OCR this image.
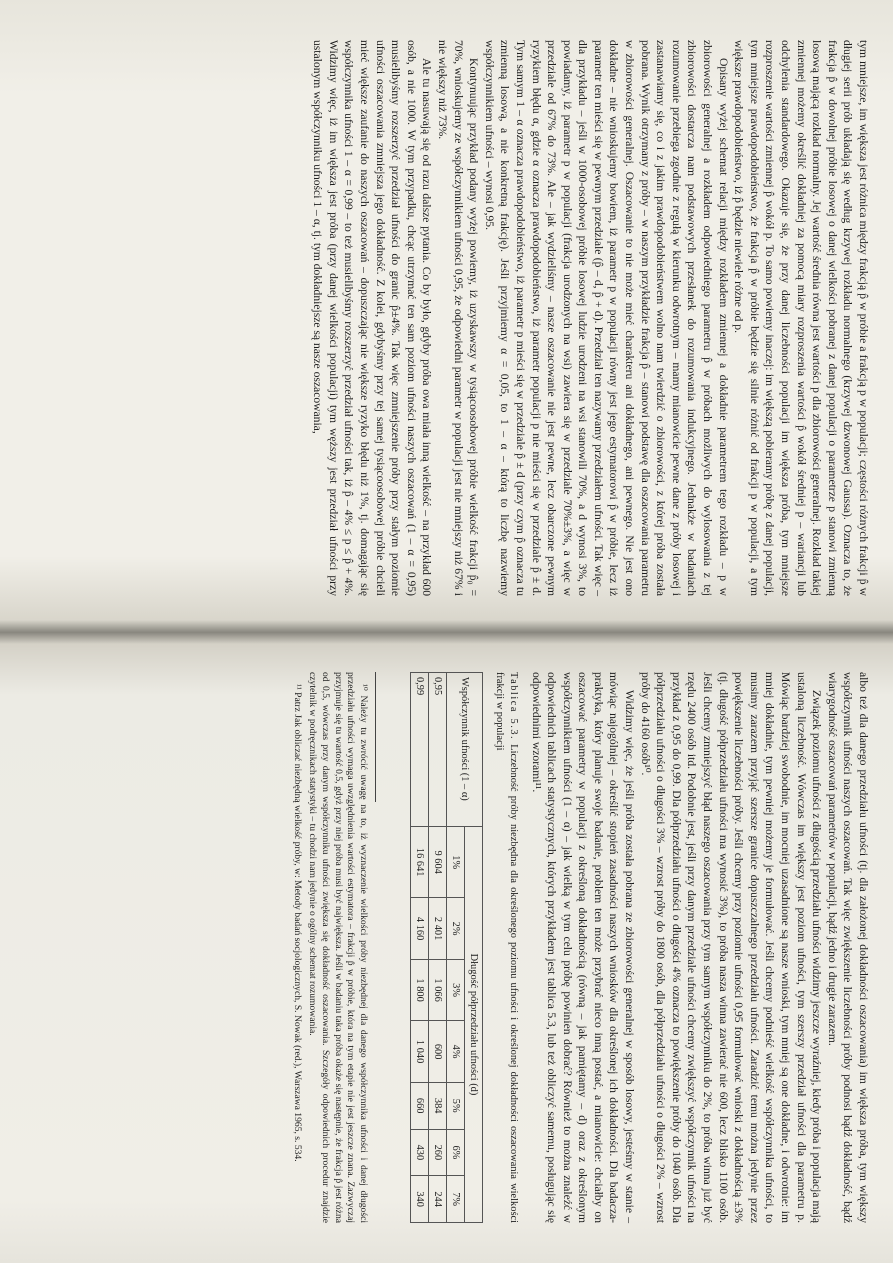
tym mniejsze, im większa jest różnica między frakcją p̂ w próbie a frakcją p w populacji; częstości różnych frakcji p̂ w długiej serii prób układają się według krzywej rozkładu normalnego (krzywej dzwonowej Gaussa). Oznacza to, że frakcja p̂ w dowolnej próbie losowej o danej wielkości pobranej z danej populacji o parametrze p stanowi zmienną losową mającą rozkład normalny. Jej wartość średnia równa jest wartości p dla zbiorowości generalnej. Rozkład takiej zmiennej możemy określić dokładniej za pomocą miary rozproszenia wartości p̂ wokół średniej p – wariancji lub odchylenia standardowego. Okazuje się, że przy danej liczebności populacji im większa próba, tym mniejsze rozproszenie wartości zmiennej p̂ wokół p. To samo powiemy inaczej: im większą pobieramy próbę z danej populacji, tym mniejsze prawdopodobieństwo, że frakcja p̂ w próbie będzie się silnie różnić od frakcji p w populacji, a tym większe prawdopodobieństwo, iż p̂ będzie niewiele różne od p.

Opisany wyżej schemat relacji między rozkładem zmiennej a dokładnie parametrem tego rozkładu – p w zbiorowości generalnej a rozkładem odpowiedniego parametru p̂ w próbach możliwych do wylosowania z tej zbiorowości dostarcza nam podstawowych przesłanek do rozumowania indukcyjnego. Jednakże w badaniach rozumowanie przebiega zgodnie z regułą w kierunku odwrotnym – mamy mianowicie pewne dane z próby losowej i zastanawiamy się, co i z jakim prawdopodobieństwem wolno nam twierdzić o zbiorowości, z której próba została pobrana. Wynik otrzymany z próby – w naszym przykładzie frakcja p̂ – stanowi podstawę dla oszacowania parametru w zbiorowości generalnej. Oszacowanie to nie może mieć charakteru ani dokładnego, ani pewnego. Nie jest ono dokładne – nie wnioskujemy bowiem, iż parametr p w populacji równy jest jego estymatorowi p̂ w próbie, lecz iż parametr ten mieści się w pewnym przedziale (p̂ – d, p̂ + d). Przedział ten nazywamy przedziałem ufności. Tak więc – dla przykładu – jeśli w 1000-osobowej próbie losowej ludzie urodzeni na wsi stanowili 70%, a d wynosi 3%, to powiadamy, iż parametr p w populacji (frakcja urodzonych na wsi) zawiera się w przedziale 70%±3%, a więc w przedziale od 67% do 73%. Ale – jak wydzieliśmy – nasze oszacowanie nie jest pewne, lecz obarczone pewnym ryzykiem błędu α, gdzie α oznacza prawdopodobieństwo, iż parametr populacji p nie mieści się w przedziale p̂ ± d. Tym samym 1 – α oznacza prawdopodobieństwo, iż parametr p mieści się w przedziale p̂ ± d (przy czym p̂ oznacza tu zmienną losową, a nie konkretną frakcję). Jeśli przyjmiemy α = 0,05, to 1 – α – którą to liczbę nazwiemy współczynnikiem ufności – wynosi 0,95.

Kontynuując przykład podany wyżej powiemy, iż uzyskawszy w tysiącoosobowej próbie wielkość frakcji p̂₀ = 70%, wnioskujemy ze współczynnikiem ufności 0,95, że odpowiedni parametr w populacji jest nie mniejszy niż 67% i nie większy niż 73%.

Ale tu nasuwają się od razu dalsze pytania. Co by było, gdyby próba owa miała inną wielkość – na przykład 600 osób, a nie 1000. W tym przypadku, chcąc utrzymać ten sam poziom ufności naszych oszacowań (1 – α = 0,95) musielibyśmy rozszerzyć przedział ufności do granic p̂±4%. Tak więc zmniejszenie próby przy stałym poziomie ufności oszacowania zmniejsza jego dokładność. Z kolei, gdybyśmy przy tej samej tysiącoosobowej próbie chcieli mieć większe zaufanie do naszych oszacowań – dopuszczając nie większe ryzyko błędu niż 1%, tj. domagając się współczynnika ufności 1 – α = 0,99 – to też musielibyśmy rozszerzyć przedział ufności tak, iż p̂ – 4% ≤ p ≤ p̂ + 4%. Widzimy więc, iż im większa jest próba (przy danej wielkości populacji) tym węższy jest przedział ufności przy ustalonym współczynniku ufności 1 – α, tj. tym dokładniejsze są nasze oszacowania,

albo też dla danego przedziału ufności (tj. dla założonej dokładności oszacowania) im większa próba, tym większy współczynnik ufności naszych oszacowań. Tak więc zwiększenie liczebności próby podnosi bądź dokładność, bądź wiarygodność oszacowań parametrów w populacji, bądź jedno i drugie zarazem.

Związek poziomu ufności z długością przedziału ufności widzimy jeszcze wyraźniej, kiedy próba i populacja mają ustaloną liczebność. Wówczas im większy jest poziom ufności, tym szerszy przedział ufności dla parametru p. Mówiąc bardziej swobodnie, im mocniej uzasadnione są nasze wnioski, tym mniej są one dokładne, i odwrotnie: im mniej dokładnie, tym pewniej możemy je formułować. Jeśli chcemy podnieść wielkość współczynnika ufności, to musimy zarazem przyjąć szersze granice dopuszczalnego przedziału ufności. Zaradzić temu można jedynie przez powiększenie liczebności próby. Jeśli chcemy przy poziomie ufności 0,95 formułować wnioski z dokładnością ±3% (tj. długość półprzedziału ufności ma wynosić 3%), to próba nasza winna zawierać nie 600, lecz blisko 1100 osób. Jeśli chcemy zmniejszyć błąd naszego oszacowania przy tym samym współczynniku do 2%, to próba winna już być rzędu 2400 osób itd. Podobnie jest, jeśli przy danym przedziale ufności chcemy zwiększyć współczynnik ufności na przykład z 0,95 do 0,99. Dla półprzedziału ufności o długości 4% oznacza to powiększenie próby do 1040 osób. Dla półprzedziału ufności o długości 3% – wzrost próby do 1800 osób, dla półprzedziału ufności o długości 2% – wzrost próby do 4160 osób¹⁰.

Widzimy więc, że jeśli próba została pobrana ze zbiorowości generalnej w sposób losowy, jesteśmy w stanie – mówiąc najogólniej – określić stopień zasadności naszych wniosków dla określonej ich dokładności. Dla badacza-praktyka, który planuje swoje badanie, problem ten może przybrać nieco inną postać, a mianowicie: chciałby on oszacować parametry w populacji z określoną dokładnością (równą – jak pamiętamy – d) oraz z określonym współczynnikiem ufności (1 – α) – jak wielką w tym celu próbę powinien dobrać? Również to można znaleźć w odpowiednich tablicach statystycznych, których przykładem jest tablica 5.3, lub też obliczyć samemu, posługując się odpowiednimi wzorami¹¹.

Tablica 5.3. Liczebność próby niezbędna dla określonego poziomu ufności i określonej dokładności oszacowania wielkości frakcji w populacji

Współczynnik ufności (1 – α)	Długość półprzedziału ufności (d)						
	1%	2%	3%	4%	5%	6%	7%
0,95	9 604	2 401	1 066	600	384	260	244
0,99	16 641	4 160	1 800	1 040	660	430	340

¹⁰ Należy tu zwrócić uwagę na to, iż wyznaczenie wielkości próby niezbędnej dla danego współczynnika ufności i danej długości przedziału ufności wymaga uwzględnienia wartości estymatora – frakcji p̂ w próbie, która na tym etapie nie jest jeszcze znana. Zazwyczaj przyjmuje się tu wartość 0,5, gdyż przy niej próba musi być największa. Jeśli w badaniu taka próba okaże się następnie, że frakcja p̂ jest różna od 0,5, wówczas przy danym współczynniku ufności zwiększa się dokładność oszacowania. Szczegóły odpowiednich procedur znajdzie czytelnik w podręcznikach statystyki – tu chodzi nam jedynie o ogólny schemat rozumowania.

¹¹ Patrz Jak obliczać niezbędną wielkość próby, w: Metody badań socjologicznych, S. Nowak (red.), Warszawa 1965, s. 534.
